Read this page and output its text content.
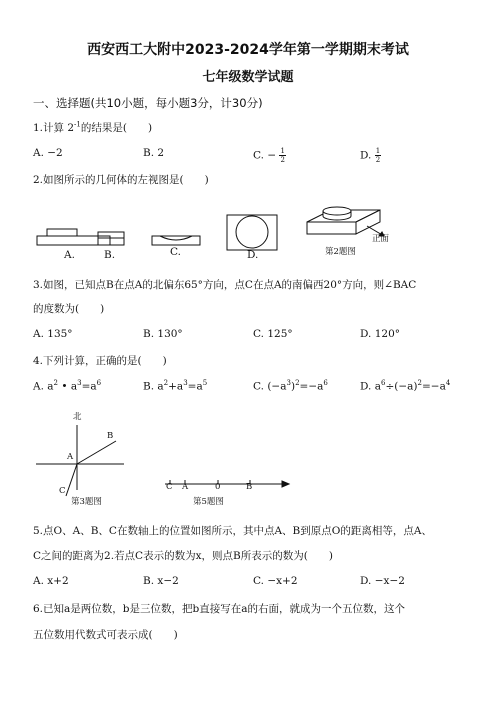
西安西工大附中2023-2024学年第一学期期末考试
七年级数学试题
一、选择题(共10小题，每小题3分，计30分)
1.计算 $2^{-1}$的结果是(　　)
A. −2	B. 2	C. − $\frac{1}{2}$	D. $\frac{1}{2}$
2.如图所示的几何体的左视图是(　　)
A.	B.	C.	D.
正面
第2题图
3.如图，已知点B在点A的北偏东65°方向，点C在点A的南偏西20°方向，则∠BAC
的度数为(　　)
A. 135°	B. 130°	C. 125°	D. 120°
4.下列计算，正确的是(　　)
A. $a^2$ • $a^3=a^6$	B. $a^2+a^3=a^5$	C. $(-a^3)^2=-a^6$	D. $a^6\div(-a)^2=-a^4$
北
B
A
C
第3题图
C A	0	B
第5题图
5.点O、A、B、C在数轴上的位置如图所示，其中点A、B到原点O的距离相等，点A、
C之间的距离为2.若点C表示的数为x，则点B所表示的数为(　　)
A. x+2	B. x−2	C. −x+2	D. −x−2
6.已知a是两位数，b是三位数，把b直接写在a的右面，就成为一个五位数，这个
五位数用代数式可表示成(　　)
